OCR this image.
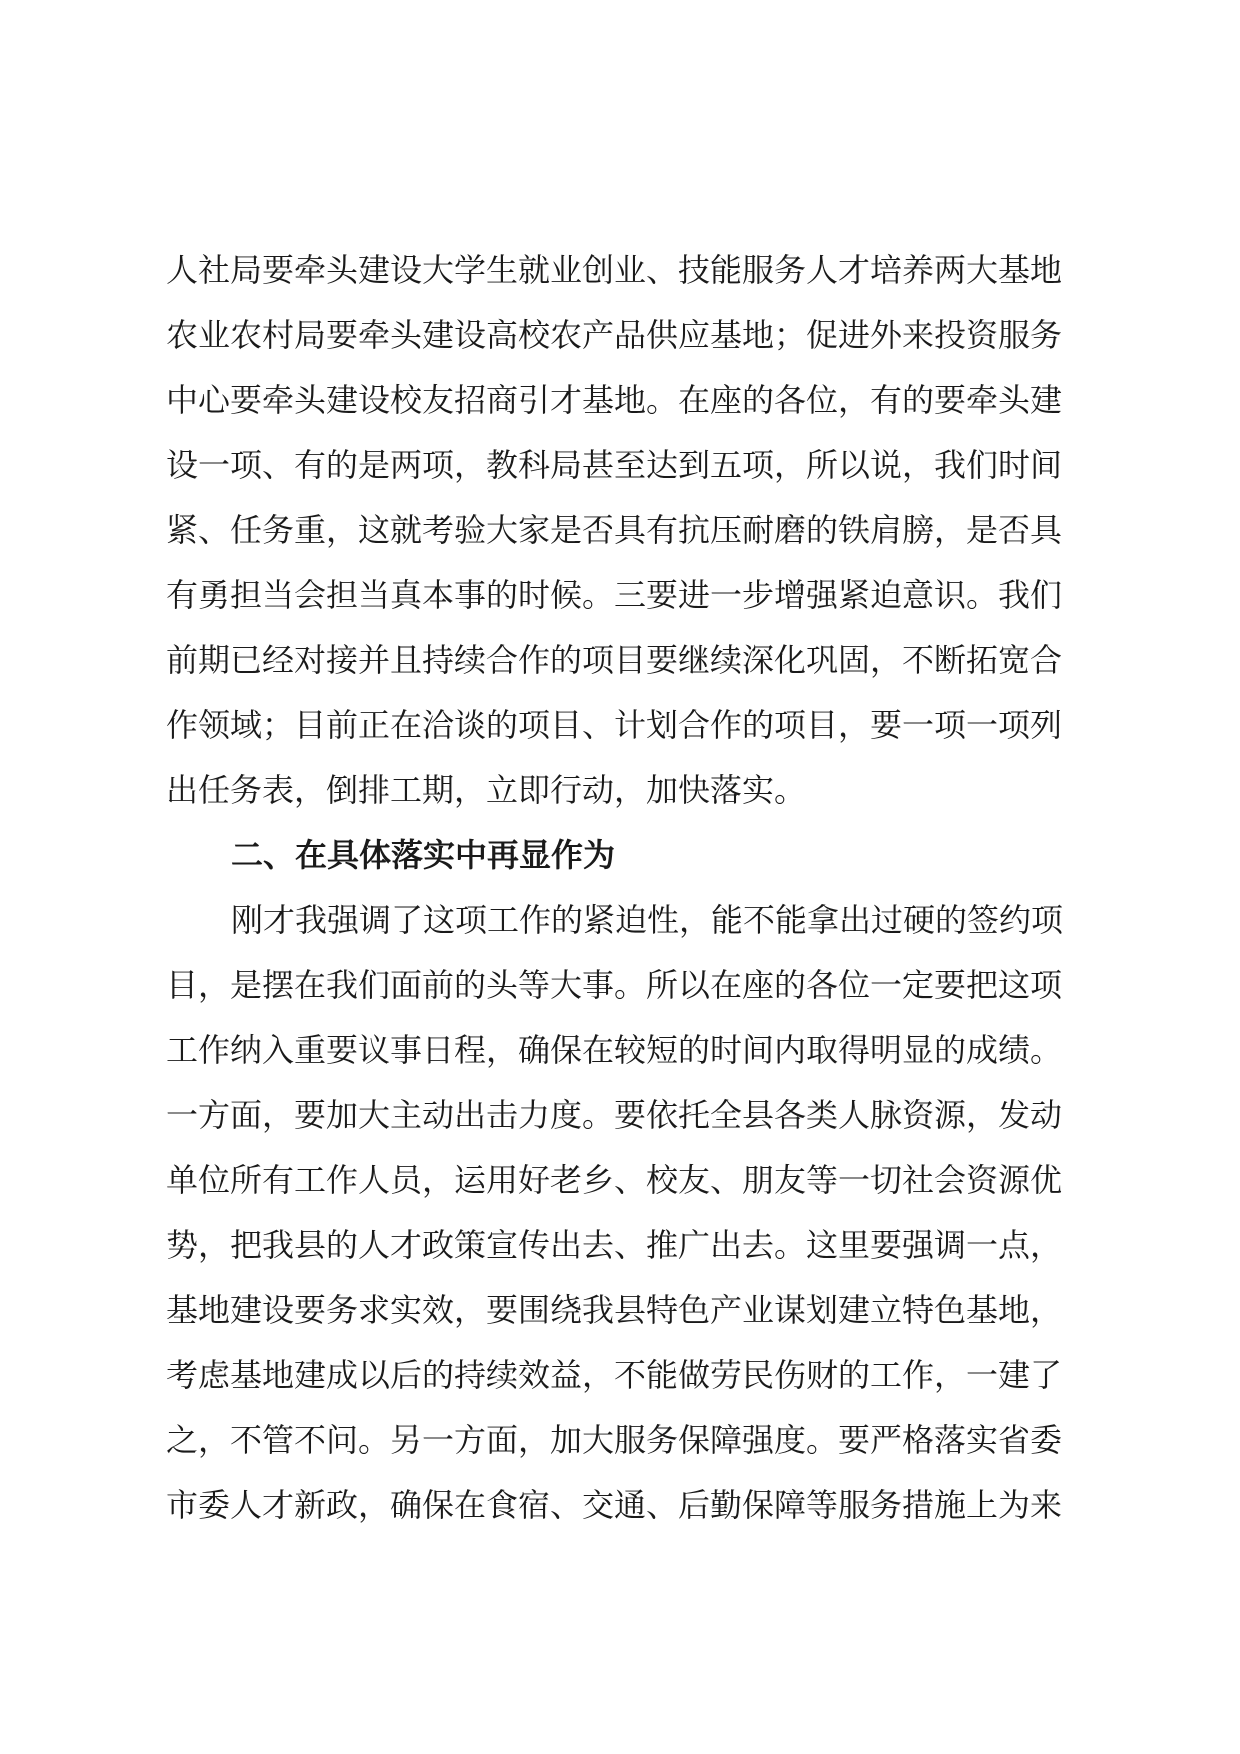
人社局要牵头建设大学生就业创业、技能服务人才培养两大基地
农业农村局要牵头建设高校农产品供应基地；促进外来投资服务
中心要牵头建设校友招商引才基地。在座的各位，有的要牵头建
设一项、有的是两项，教科局甚至达到五项，所以说，我们时间
紧、任务重，这就考验大家是否具有抗压耐磨的铁肩膀，是否具
有勇担当会担当真本事的时候。三要进一步增强紧迫意识。我们
前期已经对接并且持续合作的项目要继续深化巩固，不断拓宽合
作领域；目前正在洽谈的项目、计划合作的项目，要一项一项列
出任务表，倒排工期，立即行动，加快落实。
二、在具体落实中再显作为
刚才我强调了这项工作的紧迫性，能不能拿出过硬的签约项
目，是摆在我们面前的头等大事。所以在座的各位一定要把这项
工作纳入重要议事日程，确保在较短的时间内取得明显的成绩。
一方面，要加大主动出击力度。要依托全县各类人脉资源，发动
单位所有工作人员，运用好老乡、校友、朋友等一切社会资源优
势，把我县的人才政策宣传出去、推广出去。这里要强调一点，
基地建设要务求实效，要围绕我县特色产业谋划建立特色基地，
考虑基地建成以后的持续效益，不能做劳民伤财的工作，一建了
之，不管不问。另一方面，加大服务保障强度。要严格落实省委
市委人才新政，确保在食宿、交通、后勤保障等服务措施上为来
